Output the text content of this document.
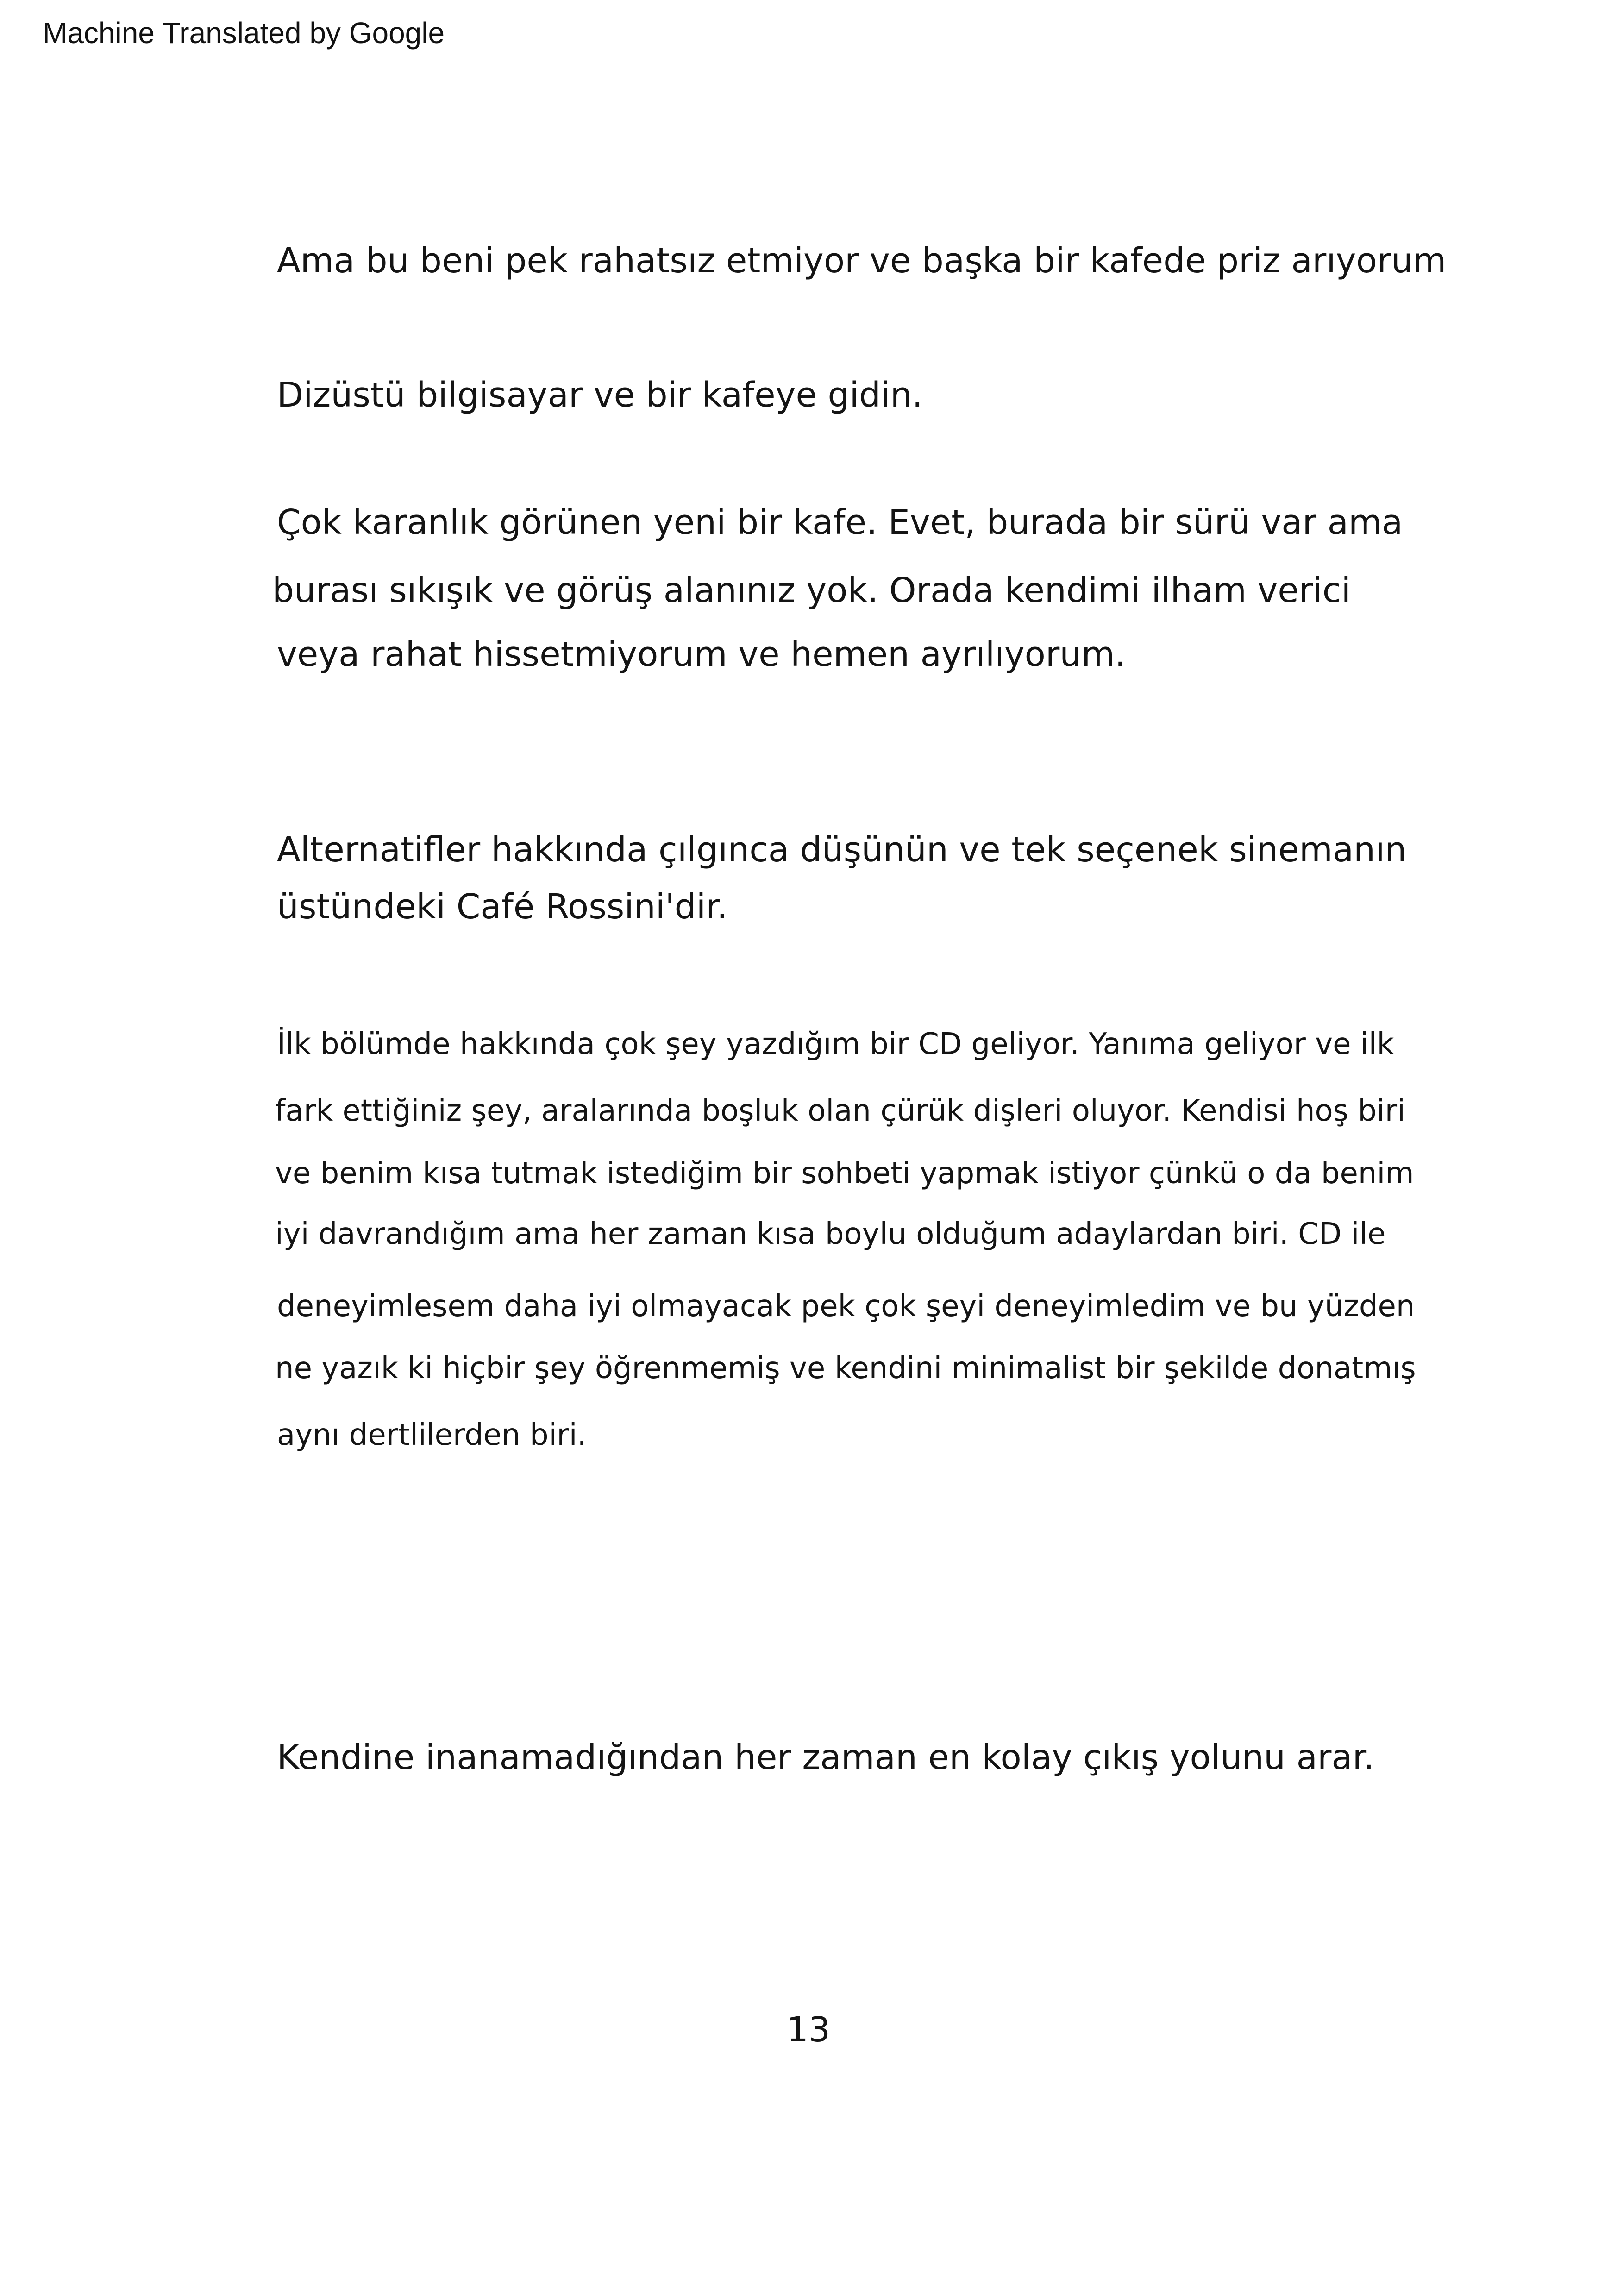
Machine Translated by Google
Ama bu beni pek rahatsız etmiyor ve başka bir kafede priz arıyorum
Dizüstü bilgisayar ve bir kafeye gidin.
Çok karanlık görünen yeni bir kafe. Evet, burada bir sürü var ama
burası sıkışık ve görüş alanınız yok. Orada kendimi ilham verici
veya rahat hissetmiyorum ve hemen ayrılıyorum.
Alternatifler hakkında çılgınca düşünün ve tek seçenek sinemanın
üstündeki Café Rossini'dir.
İlk bölümde hakkında çok şey yazdığım bir CD geliyor. Yanıma geliyor ve ilk
fark ettiğiniz şey, aralarında boşluk olan çürük dişleri oluyor. Kendisi hoş biri
ve benim kısa tutmak istediğim bir sohbeti yapmak istiyor çünkü o da benim
iyi davrandığım ama her zaman kısa boylu olduğum adaylardan biri. CD ile
deneyimlesem daha iyi olmayacak pek çok şeyi deneyimledim ve bu yüzden
ne yazık ki hiçbir şey öğrenmemiş ve kendini minimalist bir şekilde donatmış
aynı dertlilerden biri.
Kendine inanamadığından her zaman en kolay çıkış yolunu arar.
13
